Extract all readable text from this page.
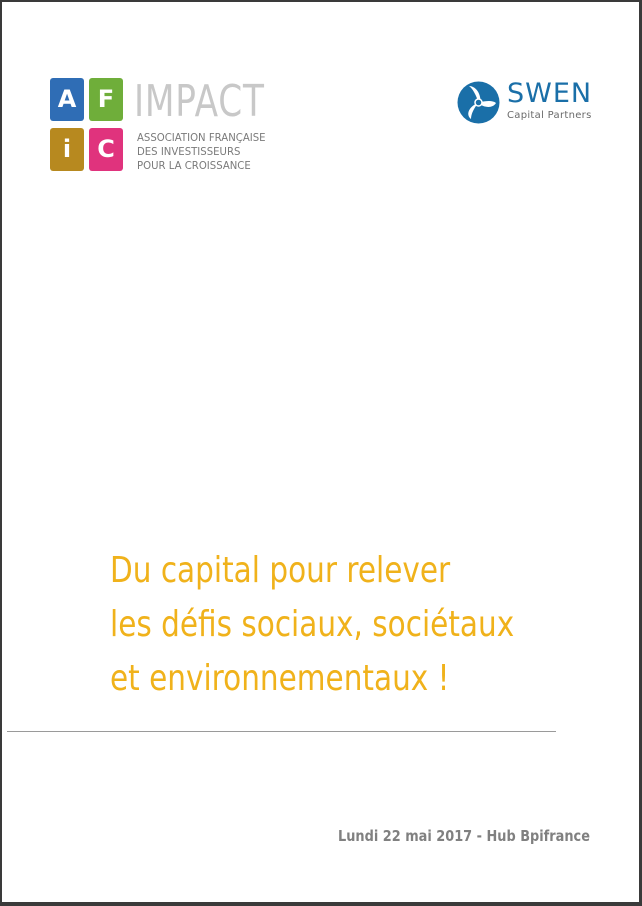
A F
i	C
IMPACT
ASSOCIATION FRANÇAISE
DES INVESTISSEURS
POUR LA CROISSANCE
SWEN
Capital Partners
Du capital pour relever
les défis sociaux, sociétaux
et environnementaux !
Lundi 22 mai 2017 - Hub Bpifrance
